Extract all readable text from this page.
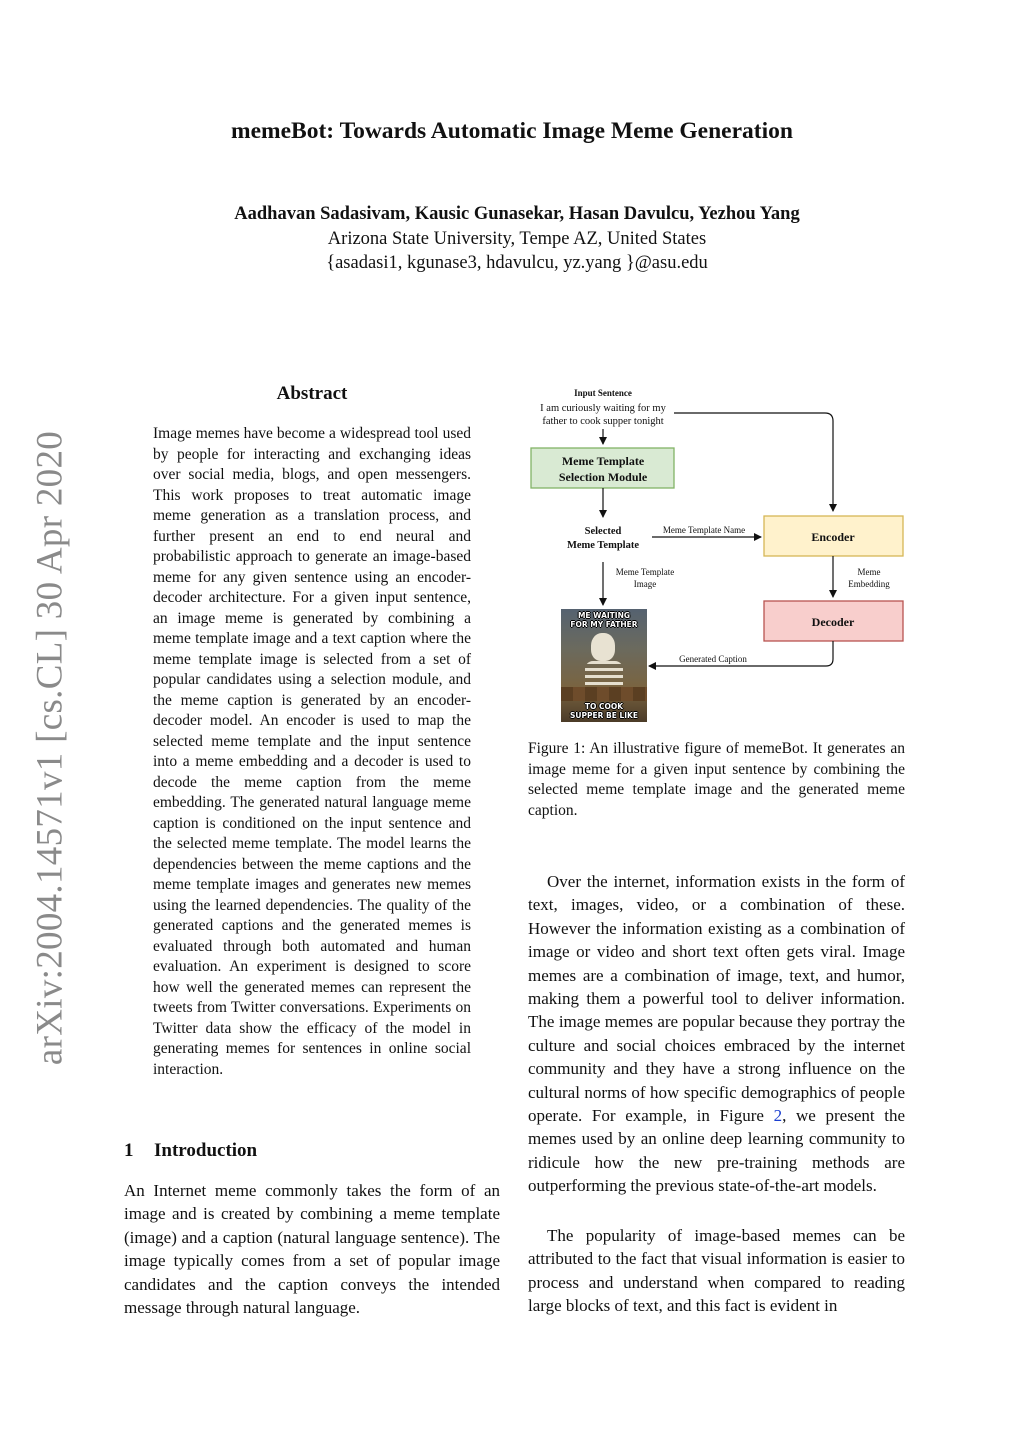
arXiv:2004.14571v1 [cs.CL] 30 Apr 2020
memeBot: Towards Automatic Image Meme Generation
Aadhavan Sadasivam, Kausic Gunasekar, Hasan Davulcu, Yezhou Yang
Arizona State University, Tempe AZ, United States
{asadasi1, kgunase3, hdavulcu, yz.yang }@asu.edu
Abstract

Image memes have become a widespread tool used by people for interacting and exchanging ideas over social media, blogs, and open messengers. This work proposes to treat automatic image meme generation as a translation process, and further present an end to end neural and probabilistic approach to generate an image-based meme for any given sentence using an encoder-decoder architecture. For a given input sentence, an image meme is generated by combining a meme template image and a text caption where the meme template image is selected from a set of popular candidates using a selection module, and the meme caption is generated by an encoder-decoder model. An encoder is used to map the selected meme template and the input sentence into a meme embedding and a decoder is used to decode the meme caption from the meme embedding. The generated natural language meme caption is conditioned on the input sentence and the selected meme template. The model learns the dependencies between the meme captions and the meme template images and generates new memes using the learned dependencies. The quality of the generated captions and the generated memes is evaluated through both automated and human evaluation. An experiment is designed to score how well the generated memes can represent the tweets from Twitter conversations. Experiments on Twitter data show the efficacy of the model in generating memes for sentences in online social interaction.

1 Introduction

An Internet meme commonly takes the form of an image and is created by combining a meme template (image) and a caption (natural language sentence). The image typically comes from a set of popular image candidates and the caption conveys the intended message through natural language.

Input Sentence
I am curiously waiting for my
father to cook supper tonight
Meme Template
Selection Module
Selected
Meme Template
Meme Template Name	Encoder
Meme Template
Image
Meme
Embedding
Decoder
Generated Caption
ME WAITING
FOR MY FATHER
TO COOK
SUPPER BE LIKE

Figure 1: An illustrative figure of memeBot. It generates an image meme for a given input sentence by combining the selected meme template image and the generated meme caption.

Over the internet, information exists in the form of text, images, video, or a combination of these. However the information existing as a combination of image or video and short text often gets viral. Image memes are a combination of image, text, and humor, making them a powerful tool to deliver information. The image memes are popular because they portray the culture and social choices embraced by the internet community and they have a strong influence on the cultural norms of how specific demographics of people operate. For example, in Figure 2, we present the memes used by an online deep learning community to ridicule how the new pre-training methods are outperforming the previous state-of-the-art models.

The popularity of image-based memes can be attributed to the fact that visual information is easier to process and understand when compared to reading large blocks of text, and this fact is evident in
